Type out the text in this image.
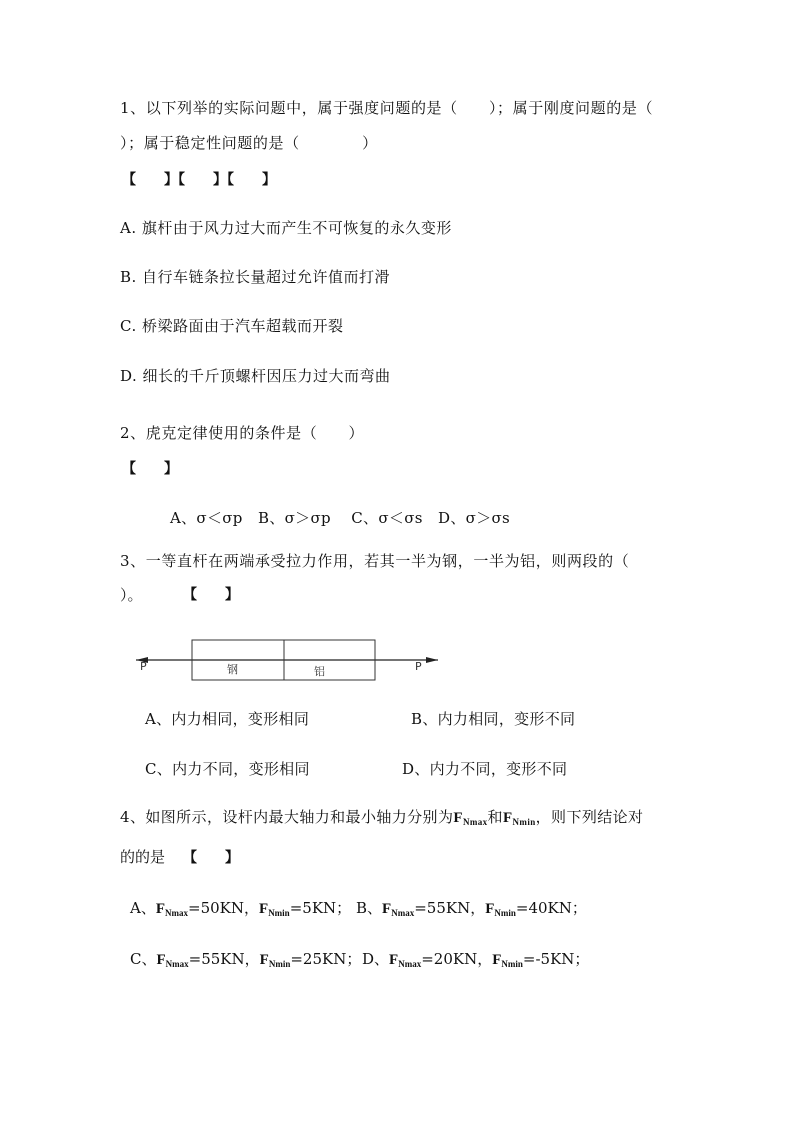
1、以下列举的实际问题中，属于强度问题的是（　　）；属于刚度问题的是（
）；属于稳定性问题的是（　　　　）
【　　】【　　】【　　】
A. 旗杆由于风力过大而产生不可恢复的永久变形
B. 自行车链条拉长量超过允许值而打滑
C. 桥梁路面由于汽车超载而开裂
D. 细长的千斤顶螺杆因压力过大而弯曲
2、虎克定律使用的条件是（　　）
【　　】
A、σ＜σp　B、σ＞σp　 C、σ＜σs　D、σ＞σs
3、一等直杆在两端承受拉力作用，若其一半为钢，一半为铝，则两段的（
）。	【　　】
P	P
钢	铝
A、内力相同，变形相同	B、内力相同，变形不同
C、内力不同，变形相同	D、内力不同，变形不同
4、如图所示，设杆内最大轴力和最小轴力分别为$F_{Nmax}$和$F_{Nmin}$，则下列结论对
的的是 【　　】
A、$F_{Nmax}=50KN$，$F_{Nmin}=5KN$； B、$F_{Nmax}=55KN$，$F_{Nmin}=40KN$；
C、$F_{Nmax}=55KN$，$F_{Nmin}=25KN$； D、$F_{Nmax}=20KN$，$F_{Nmin}=-5KN$；
